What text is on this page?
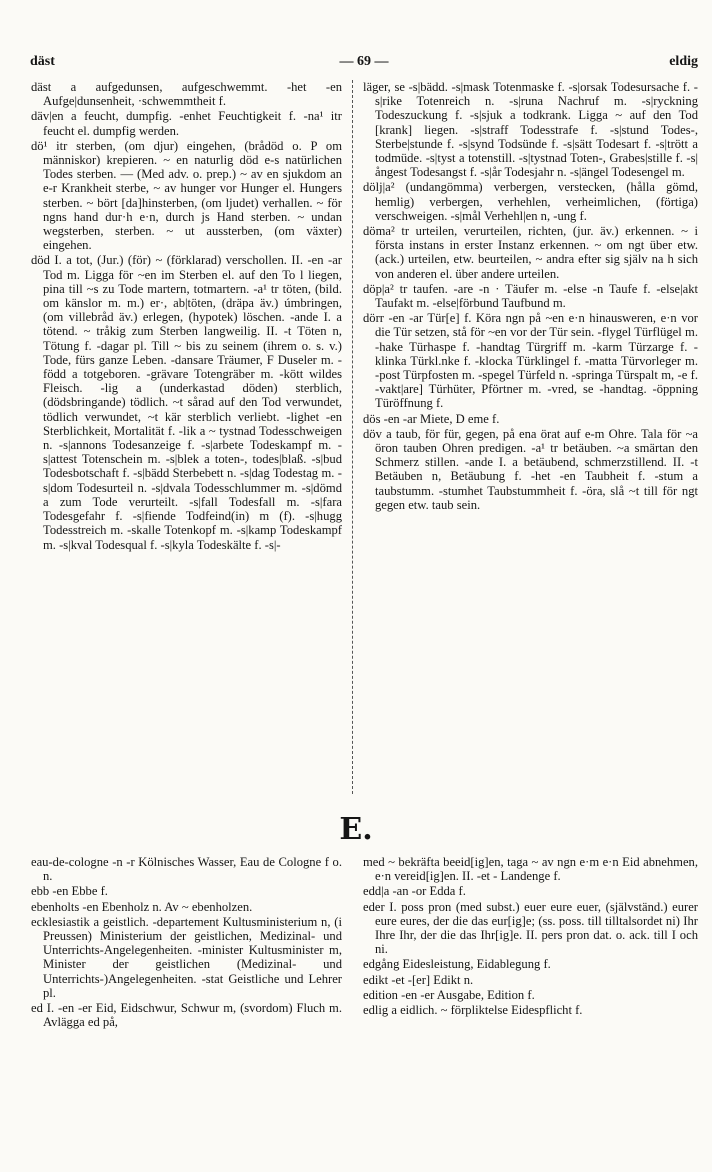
däst	— 69 —	eldig

däst a aufgedunsen, aufgeschwemmt. -het -en Aufge|dunsenheit, ·schwemmtheit f.

däv|en a feucht, dumpfig. -enhet Feuchtigkeit f. -na¹ itr feucht el. dumpfig werden.

dö¹ itr sterben, (om djur) eingehen, (brådöd o. P om människor) krepieren. ~ en naturlig död e-s natürlichen Todes sterben. — (Med adv. o. prep.) ~ av en sjukdom an e-r Krankheit sterbe, ~ av hunger vor Hunger el. Hungers sterben. ~ bört [da]hinsterben, (om ljudet) verhallen. ~ för ngns hand dur·h e·n, durch js Hand sterben. ~ undan wegsterben, sterben. ~ ut aussterben, (om växter) eingehen.

död I. a tot, (Jur.) (för) ~ (förklarad) verschollen. II. -en -ar Tod m. Ligga för ~en im Sterben el. auf den To l liegen, pina till ~s zu Tode martern, totmartern. -a¹ tr töten, (bild. om känslor m. m.) er·, ab|töten, (dräpa äv.) úmbringen, (om villebråd äv.) erlegen, (hypotek) löschen. -ande I. a tötend. ~ tråkig zum Sterben langweilig. II. -t Töten n, Tötung f. -dagar pl. Till ~ bis zu seinem (ihrem o. s. v.) Tode, fürs ganze Leben. -dansare Träumer, F Duseler m. -född a totgeboren. -grävare Totengräber m. -kött wildes Fleisch. -lig a (underkastad döden) sterblich, (dödsbringande) tödlich. ~t sårad auf den Tod verwundet, tödlich verwundet, ~t kär sterblich verliebt. -lighet -en Sterblichkeit, Mortalität f. -lik a ~ tystnad Todesschweigen n. -s|annons Todesanzeige f. -s|arbete Todeskampf m. -s|attest Totenschein m. -s|blek a toten-, todes|blaß. -s|bud Todesbotschaft f. -s|bädd Sterbebett n. -s|dag Todestag m. -s|dom Todesurteil n. -s|dvala Todesschlummer m. -s|dömd a zum Tode verurteilt. -s|fall Todesfall m. -s|fara Todesgefahr f. -s|fiende Todfeind(in) m (f). -s|hugg Todesstreich m. -skalle Totenkopf m. -s|kamp Todeskampf m. -s|kval Todesqual f. -s|kyla Todeskälte f. -s|-

läger, se -s|bädd. -s|mask Totenmaske f. -s|orsak Todesursache f. -s|rike Totenreich n. -s|runa Nachruf m. -s|ryckning Todeszuckung f. -s|sjuk a todkrank. Ligga ~ auf den Tod [krank] liegen. -s|straff Todesstrafe f. -s|stund Todes-, Sterbe|stunde f. -s|synd Todsünde f. -s|sätt Todesart f. -s|trött a todmüde. -s|tyst a totenstill. -s|tystnad Toten-, Grabes|stille f. -s|ångest Todesangst f. -s|år Todesjahr n. -s|ängel Todesengel m.

dölj|a² (undangömma) verbergen, verstecken, (hålla gömd, hemlig) verbergen, verhehlen, verheimlichen, (förtiga) verschweigen. -s|mål Verhehl|en n, -ung f.

döma² tr urteilen, verurteilen, richten, (jur. äv.) erkennen. ~ i första instans in erster Instanz erkennen. ~ om ngt über etw. (ack.) urteilen, etw. beurteilen, ~ andra efter sig själv na h sich von anderen el. über andere urteilen.

döp|a² tr taufen. -are -n · Täufer m. -else -n Taufe f. -else|akt Taufakt m. -else|förbund Taufbund m.

dörr -en -ar Tür[e] f. Köra ngn på ~en e·n hinausweren, e·n vor die Tür setzen, stå för ~en vor der Tür sein. -flygel Türflügel m. -hake Türhaspe f. -handtag Türgriff m. -karm Türzarge f. -klinka Türkl.nke f. -klocka Türklingel f. -matta Türvorleger m. -post Türpfosten m. -spegel Türfeld n. -springa Türspalt m, -e f. -vakt|are] Türhüter, Pförtner m. -vred, se -handtag. -öppning Türöffnung f.

dös -en -ar Miete, D eme f.

döv a taub, för für, gegen, på ena örat auf e-m Ohre. Tala för ~a öron tauben Ohren predigen. -a¹ tr betäuben. ~a smärtan den Schmerz stillen. -ande I. a betäubend, schmerzstillend. II. -t Betäuben n, Betäubung f. -het -en Taubheit f. -stum a taubstumm. -stumhet Taubstummheit f. -öra, slå ~t till för ngt gegen etw. taub sein.

E.

eau-de-cologne -n -r Kölnisches Wasser, Eau de Cologne f o. n.

ebb -en Ebbe f.

ebenholts -en Ebenholz n. Av ~ ebenholzen.

ecklesiastik a geistlich. -departement Kultusministerium n, (i Preussen) Ministerium der geistlichen, Medizinal- und Unterrichts-Angelegenheiten. -minister Kultusminister m, Minister der geistlichen (Medizinal- und Unterrichts-)Angelegenheiten. -stat Geistliche und Lehrer pl.

ed I. -en -er Eid, Eidschwur, Schwur m, (svordom) Fluch m. Avlägga ed på,

med ~ bekräfta beeid[ig]en, taga ~ av ngn e·m e·n Eid abnehmen, e·n vereid[ig]en. II. -et - Landenge f.

edd|a -an -or Edda f.

eder I. poss pron (med subst.) euer eure euer, (självständ.) eurer eure eures, der die das eur[ig]e; (ss. poss. till tilltalsordet ni) Ihr Ihre Ihr, der die das Ihr[ig]e. II. pers pron dat. o. ack. till I och ni.

edgång Eidesleistung, Eidablegung f.

edikt -et -[er] Edikt n.

edition -en -er Ausgabe, Edition f.

edlig a eidlich. ~ förpliktelse Eidespflicht f.
